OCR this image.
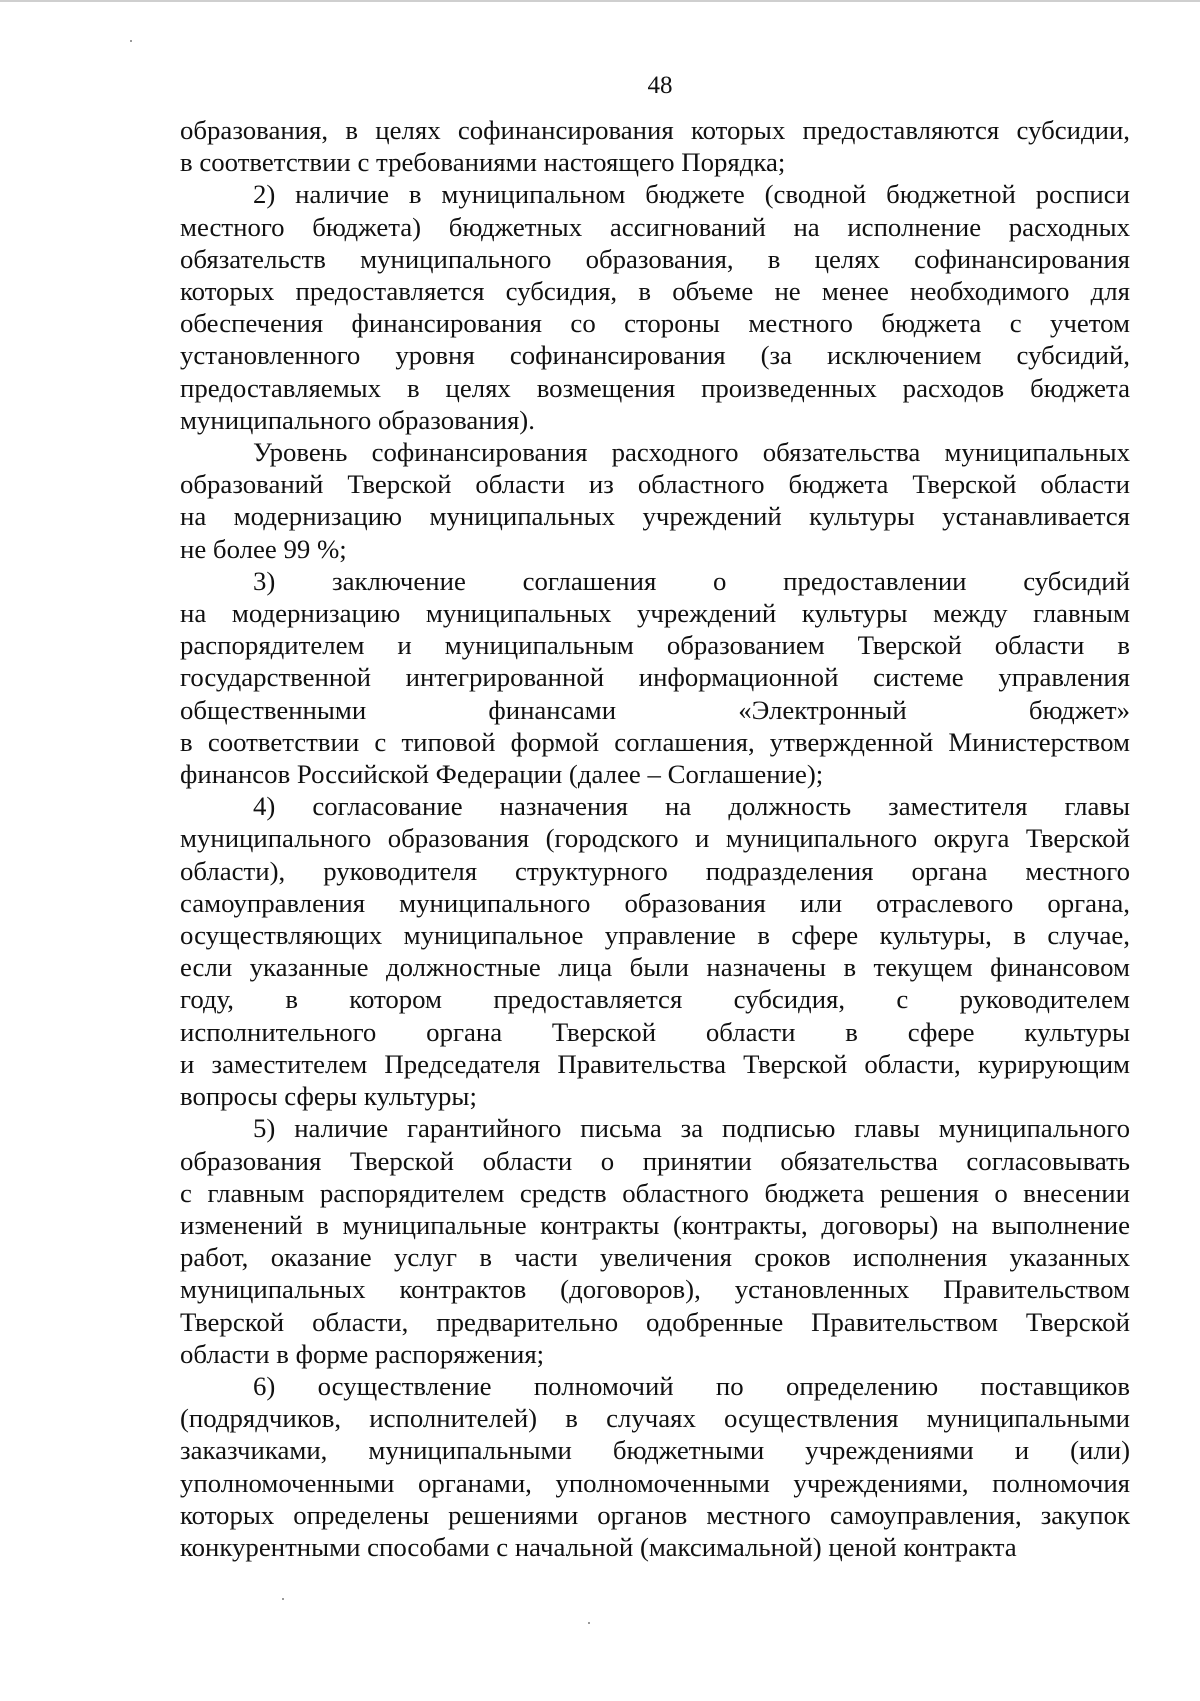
48
образования, в целях софинансирования которых предоставляются субсидии,
в соответствии с требованиями настоящего Порядка;
2) наличие в муниципальном бюджете (сводной бюджетной росписи
местного бюджета) бюджетных ассигнований на исполнение расходных
обязательств муниципального образования, в целях софинансирования
которых предоставляется субсидия, в объеме не менее необходимого для
обеспечения финансирования со стороны местного бюджета с учетом
установленного уровня софинансирования (за исключением субсидий,
предоставляемых в целях возмещения произведенных расходов бюджета
муниципального образования).
Уровень софинансирования расходного обязательства муниципальных
образований Тверской области из областного бюджета Тверской области
на модернизацию муниципальных учреждений культуры устанавливается
не более 99 %;
3) заключение соглашения о предоставлении субсидий
на модернизацию муниципальных учреждений культуры между главным
распорядителем и муниципальным образованием Тверской области в
государственной интегрированной информационной системе управления
общественными финансами «Электронный бюджет»
в соответствии с типовой формой соглашения, утвержденной Министерством
финансов Российской Федерации (далее – Соглашение);
4) согласование назначения на должность заместителя главы
муниципального образования (городского и муниципального округа Тверской
области), руководителя структурного подразделения органа местного
самоуправления муниципального образования или отраслевого органа,
осуществляющих муниципальное управление в сфере культуры, в случае,
если указанные должностные лица были назначены в текущем финансовом
году, в котором предоставляется субсидия, с руководителем
исполнительного органа Тверской области в сфере культуры
и заместителем Председателя Правительства Тверской области, курирующим
вопросы сферы культуры;
5) наличие гарантийного письма за подписью главы муниципального
образования Тверской области о принятии обязательства согласовывать
с главным распорядителем средств областного бюджета решения о внесении
изменений в муниципальные контракты (контракты, договоры) на выполнение
работ, оказание услуг в части увеличения сроков исполнения указанных
муниципальных контрактов (договоров), установленных Правительством
Тверской области, предварительно одобренные Правительством Тверской
области в форме распоряжения;
6) осуществление полномочий по определению поставщиков
(подрядчиков, исполнителей) в случаях осуществления муниципальными
заказчиками, муниципальными бюджетными учреждениями и (или)
уполномоченными органами, уполномоченными учреждениями, полномочия
которых определены решениями органов местного самоуправления, закупок
конкурентными способами с начальной (максимальной) ценой контракта
